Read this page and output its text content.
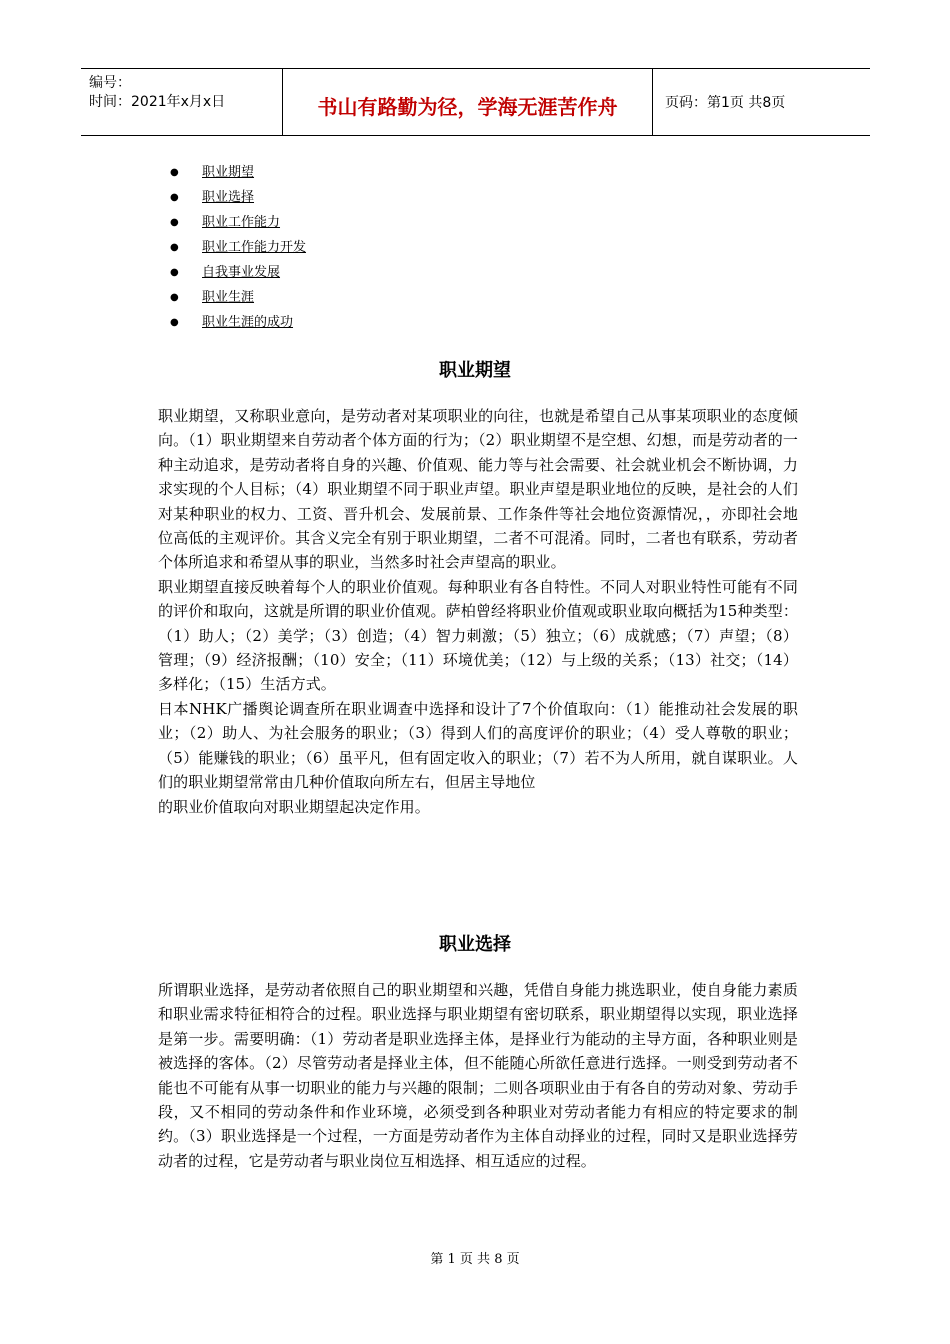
编号：
时间：2021年x月x日	书山有路勤为径，学海无涯苦作舟	页码：第1页 共8页
●	职业期望
●	职业选择
●	职业工作能力
●	职业工作能力开发
●	自我事业发展
●	职业生涯
●	职业生涯的成功
职业期望

职业期望，又称职业意向，是劳动者对某项职业的向往，也就是希望自己从事某项职业的态度倾向。（1）职业期望来自劳动者个体方面的行为；（2）职业期望不是空想、幻想，而是劳动者的一种主动追求，是劳动者将自身的兴趣、价值观、能力等与社会需要、社会就业机会不断协调，力求实现的个人目标；（4）职业期望不同于职业声望。职业声望是职业地位的反映，是社会的人们对某种职业的权力、工资、晋升机会、发展前景、工作条件等社会地位资源情况，，亦即社会地位高低的主观评价。其含义完全有别于职业期望，二者不可混淆。同时，二者也有联系，劳动者个体所追求和希望从事的职业，当然多时社会声望高的职业。

职业期望直接反映着每个人的职业价值观。每种职业有各自特性。不同人对职业特性可能有不同的评价和取向，这就是所谓的职业价值观。萨柏曾经将职业价值观或职业取向概括为15种类型：（1）助人；（2）美学；（3）创造；（4）智力刺激；（5）独立；（6）成就感；（7）声望；（8）管理；（9）经济报酬；（10）安全；（11）环境优美；（12）与上级的关系；（13）社交；（14）多样化；（15）生活方式。

日本NHK广播舆论调查所在职业调查中选择和设计了7个价值取向：（1）能推动社会发展的职业；（2）助人、为社会服务的职业；（3）得到人们的高度评价的职业；（4）受人尊敬的职业；（5）能赚钱的职业；（6）虽平凡，但有固定收入的职业；（7）若不为人所用，就自谋职业。人们的职业期望常常由几种价值取向所左右，但居主导地位

的职业价值取向对职业期望起决定作用。

职业选择

所谓职业选择，是劳动者依照自己的职业期望和兴趣，凭借自身能力挑选职业，使自身能力素质和职业需求特征相符合的过程。职业选择与职业期望有密切联系，职业期望得以实现，职业选择是第一步。需要明确：（1）劳动者是职业选择主体，是择业行为能动的主导方面，各种职业则是被选择的客体。（2）尽管劳动者是择业主体，但不能随心所欲任意进行选择。一则受到劳动者不能也不可能有从事一切职业的能力与兴趣的限制；二则各项职业由于有各自的劳动对象、劳动手段，又不相同的劳动条件和作业环境，必须受到各种职业对劳动者能力有相应的特定要求的制约。（3）职业选择是一个过程，一方面是劳动者作为主体自动择业的过程，同时又是职业选择劳动者的过程，它是劳动者与职业岗位互相选择、相互适应的过程。

第 1 页 共 8 页
